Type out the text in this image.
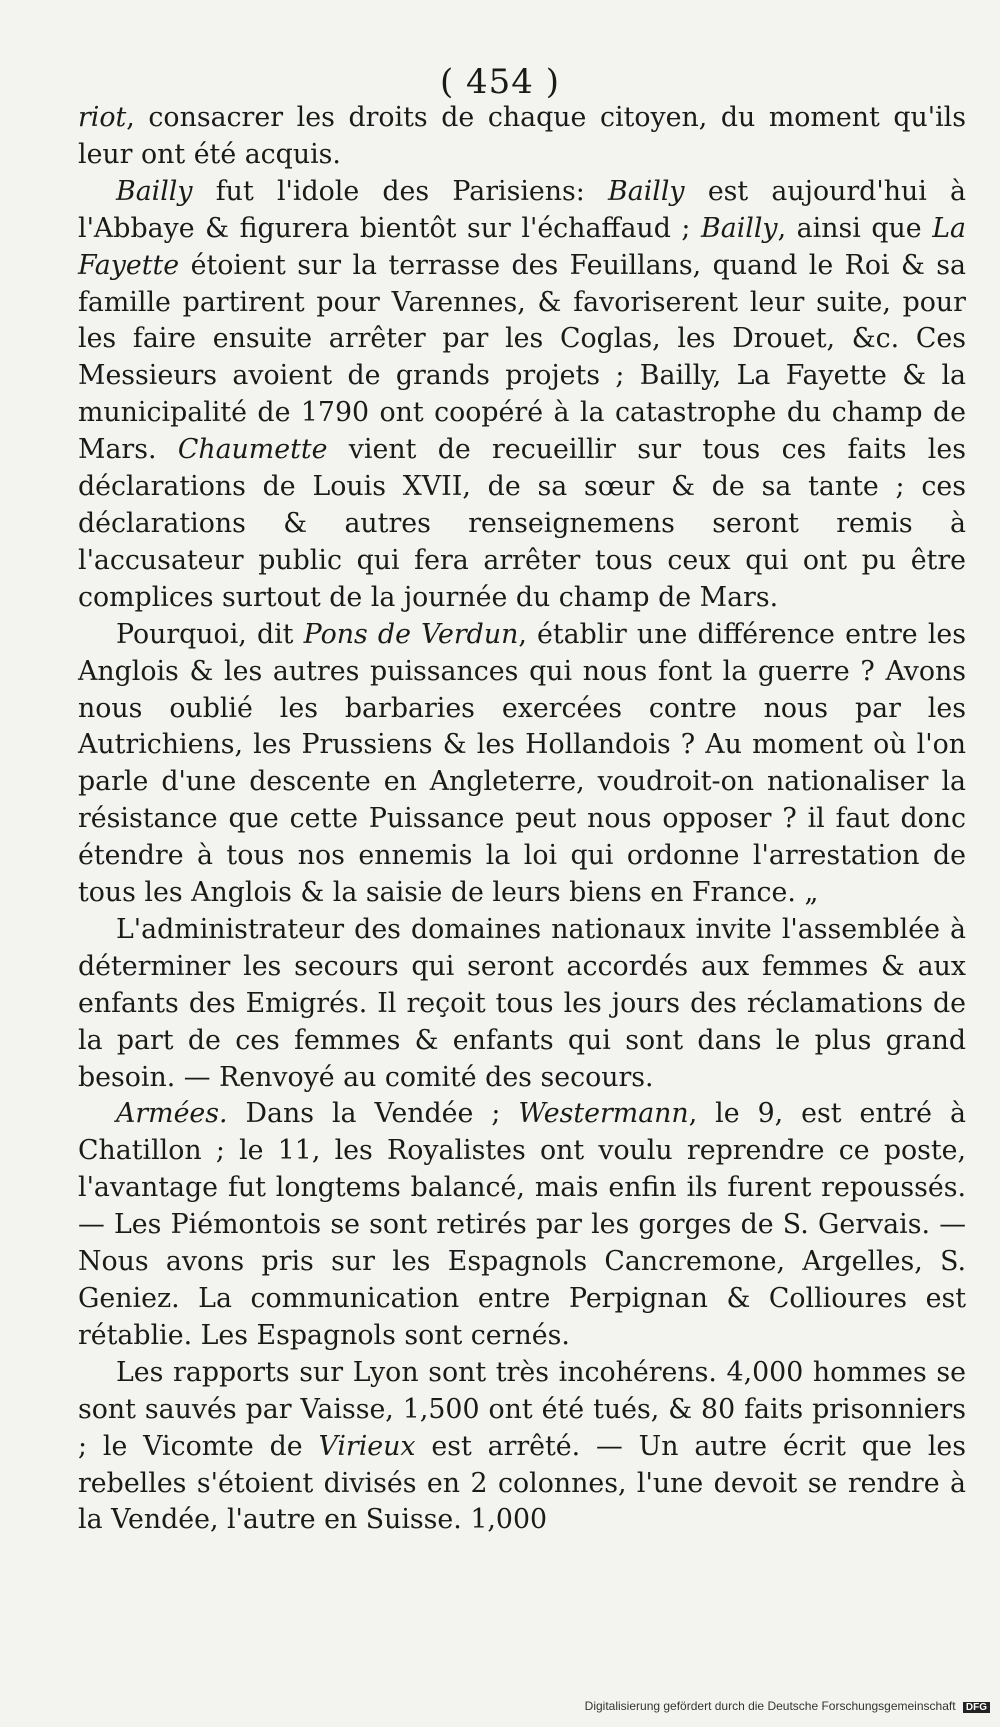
( 454 )

riot, consacrer les droits de chaque citoyen, du moment qu'ils leur ont été acquis.

Bailly fut l'idole des Parisiens: Bailly est aujourd'hui à l'Abbaye & figurera bientôt sur l'échaffaud ; Bailly, ainsi que La Fayette étoient sur la terrasse des Feuillans, quand le Roi & sa famille partirent pour Varennes, & favoriserent leur suite, pour les faire ensuite arrêter par les Coglas, les Drouet, &c. Ces Messieurs avoient de grands projets ; Bailly, La Fayette & la municipalité de 1790 ont coopéré à la catastrophe du champ de Mars. Chaumette vient de recueillir sur tous ces faits les déclarations de Louis XVII, de sa sœur & de sa tante ; ces déclarations & autres renseignemens seront remis à l'accusateur public qui fera arrêter tous ceux qui ont pu être complices surtout de la journée du champ de Mars.

Pourquoi, dit Pons de Verdun, établir une différence entre les Anglois & les autres puissances qui nous font la guerre ? Avons nous oublié les barbaries exercées contre nous par les Autrichiens, les Prussiens & les Hollandois ? Au moment où l'on parle d'une descente en Angleterre, voudroit-on nationaliser la résistance que cette Puissance peut nous opposer ? il faut donc étendre à tous nos ennemis la loi qui ordonne l'arrestation de tous les Anglois & la saisie de leurs biens en France. „

L'administrateur des domaines nationaux invite l'assemblée à déterminer les secours qui seront accordés aux femmes & aux enfants des Emigrés. Il reçoit tous les jours des réclamations de la part de ces femmes & enfants qui sont dans le plus grand besoin. — Renvoyé au comité des secours.

Armées. Dans la Vendée ; Westermann, le 9, est entré à Chatillon ; le 11, les Royalistes ont voulu reprendre ce poste, l'avantage fut longtems balancé, mais enfin ils furent repoussés. — Les Piémontois se sont retirés par les gorges de S. Gervais. — Nous avons pris sur les Espagnols Cancremone, Argelles, S. Geniez. La communication entre Perpignan & Collioures est rétablie. Les Espagnols sont cernés.

Les rapports sur Lyon sont très incohérens. 4,000 hommes se sont sauvés par Vaisse, 1,500 ont été tués, & 80 faits prisonniers ; le Vicomte de Virieux est arrêté. — Un autre écrit que les rebelles s'étoient divisés en 2 colonnes, l'une devoit se rendre à la Vendée, l'autre en Suisse. 1,000

Digitalisierung gefördert durch die Deutsche Forschungsgemeinschaft DFG
